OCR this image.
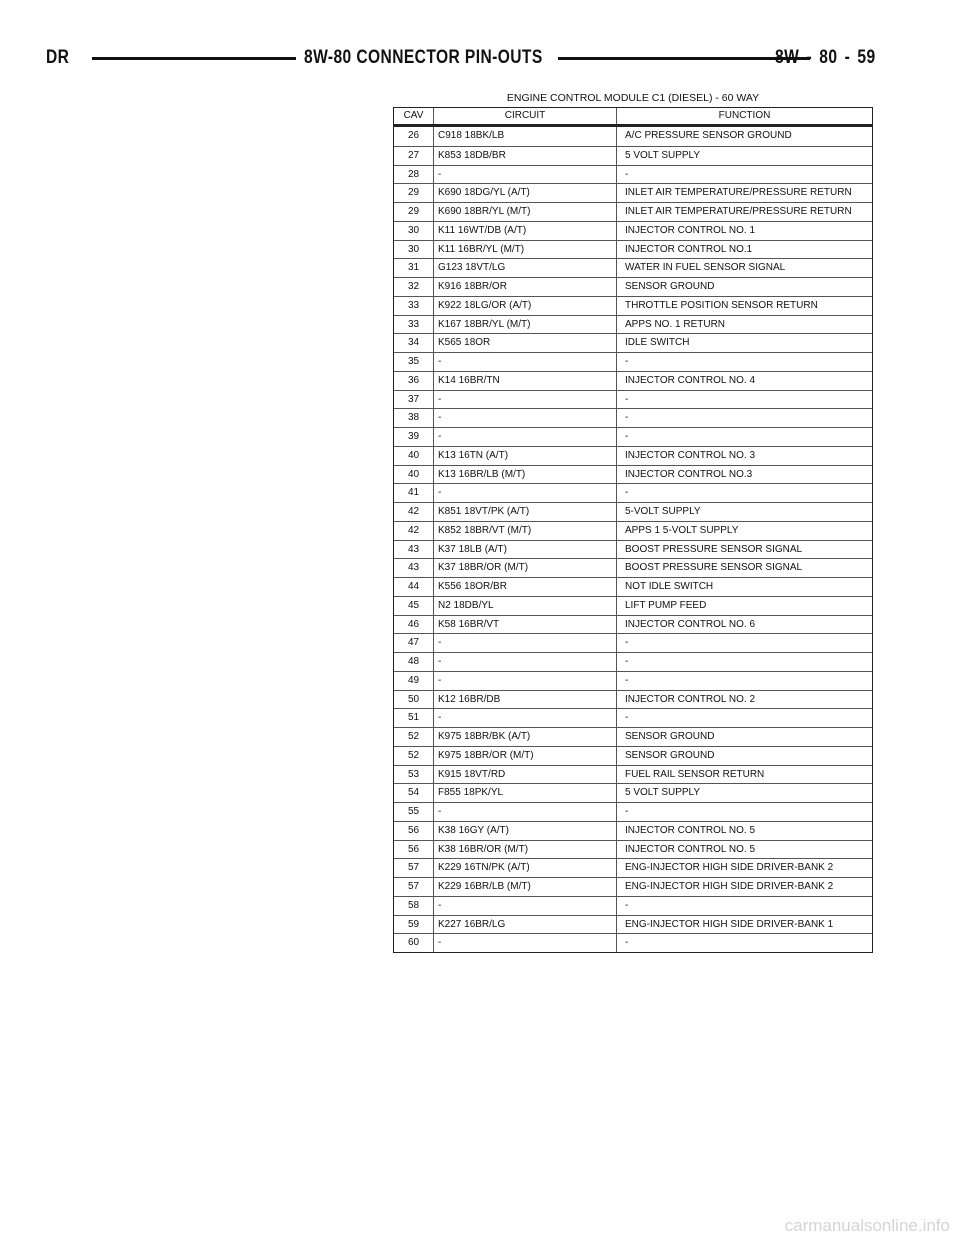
DR	8W-80 CONNECTOR PIN-OUTS	8W - 80 - 59
ENGINE CONTROL MODULE C1 (DIESEL) - 60 WAY
CAV	CIRCUIT	FUNCTION
26	C918 18BK/LB	A/C PRESSURE SENSOR GROUND
27	K853 18DB/BR	5 VOLT SUPPLY
28	-	-
29	K690 18DG/YL (A/T)	INLET AIR TEMPERATURE/PRESSURE RETURN
29	K690 18BR/YL (M/T)	INLET AIR TEMPERATURE/PRESSURE RETURN
30	K11 16WT/DB (A/T)	INJECTOR CONTROL NO. 1
30	K11 16BR/YL (M/T)	INJECTOR CONTROL NO.1
31	G123 18VT/LG	WATER IN FUEL SENSOR SIGNAL
32	K916 18BR/OR	SENSOR GROUND
33	K922 18LG/OR (A/T)	THROTTLE POSITION SENSOR RETURN
33	K167 18BR/YL (M/T)	APPS NO. 1 RETURN
34	K565 18OR	IDLE SWITCH
35	-	-
36	K14 16BR/TN	INJECTOR CONTROL NO. 4
37	-	-
38	-	-
39	-	-
40	K13 16TN (A/T)	INJECTOR CONTROL NO. 3
40	K13 16BR/LB (M/T)	INJECTOR CONTROL NO.3
41	-	-
42	K851 18VT/PK (A/T)	5-VOLT SUPPLY
42	K852 18BR/VT (M/T)	APPS 1 5-VOLT SUPPLY
43	K37 18LB (A/T)	BOOST PRESSURE SENSOR SIGNAL
43	K37 18BR/OR (M/T)	BOOST PRESSURE SENSOR SIGNAL
44	K556 18OR/BR	NOT IDLE SWITCH
45	N2 18DB/YL	LIFT PUMP FEED
46	K58 16BR/VT	INJECTOR CONTROL NO. 6
47	-	-
48	-	-
49	-	-
50	K12 16BR/DB	INJECTOR CONTROL NO. 2
51	-	-
52	K975 18BR/BK (A/T)	SENSOR GROUND
52	K975 18BR/OR (M/T)	SENSOR GROUND
53	K915 18VT/RD	FUEL RAIL SENSOR RETURN
54	F855 18PK/YL	5 VOLT SUPPLY
55	-	-
56	K38 16GY (A/T)	INJECTOR CONTROL NO. 5
56	K38 16BR/OR (M/T)	INJECTOR CONTROL NO. 5
57	K229 16TN/PK (A/T)	ENG-INJECTOR HIGH SIDE DRIVER-BANK 2
57	K229 16BR/LB (M/T)	ENG-INJECTOR HIGH SIDE DRIVER-BANK 2
58	-	-
59	K227 16BR/LG	ENG-INJECTOR HIGH SIDE DRIVER-BANK 1
60	-	-
carmanualsonline.info
